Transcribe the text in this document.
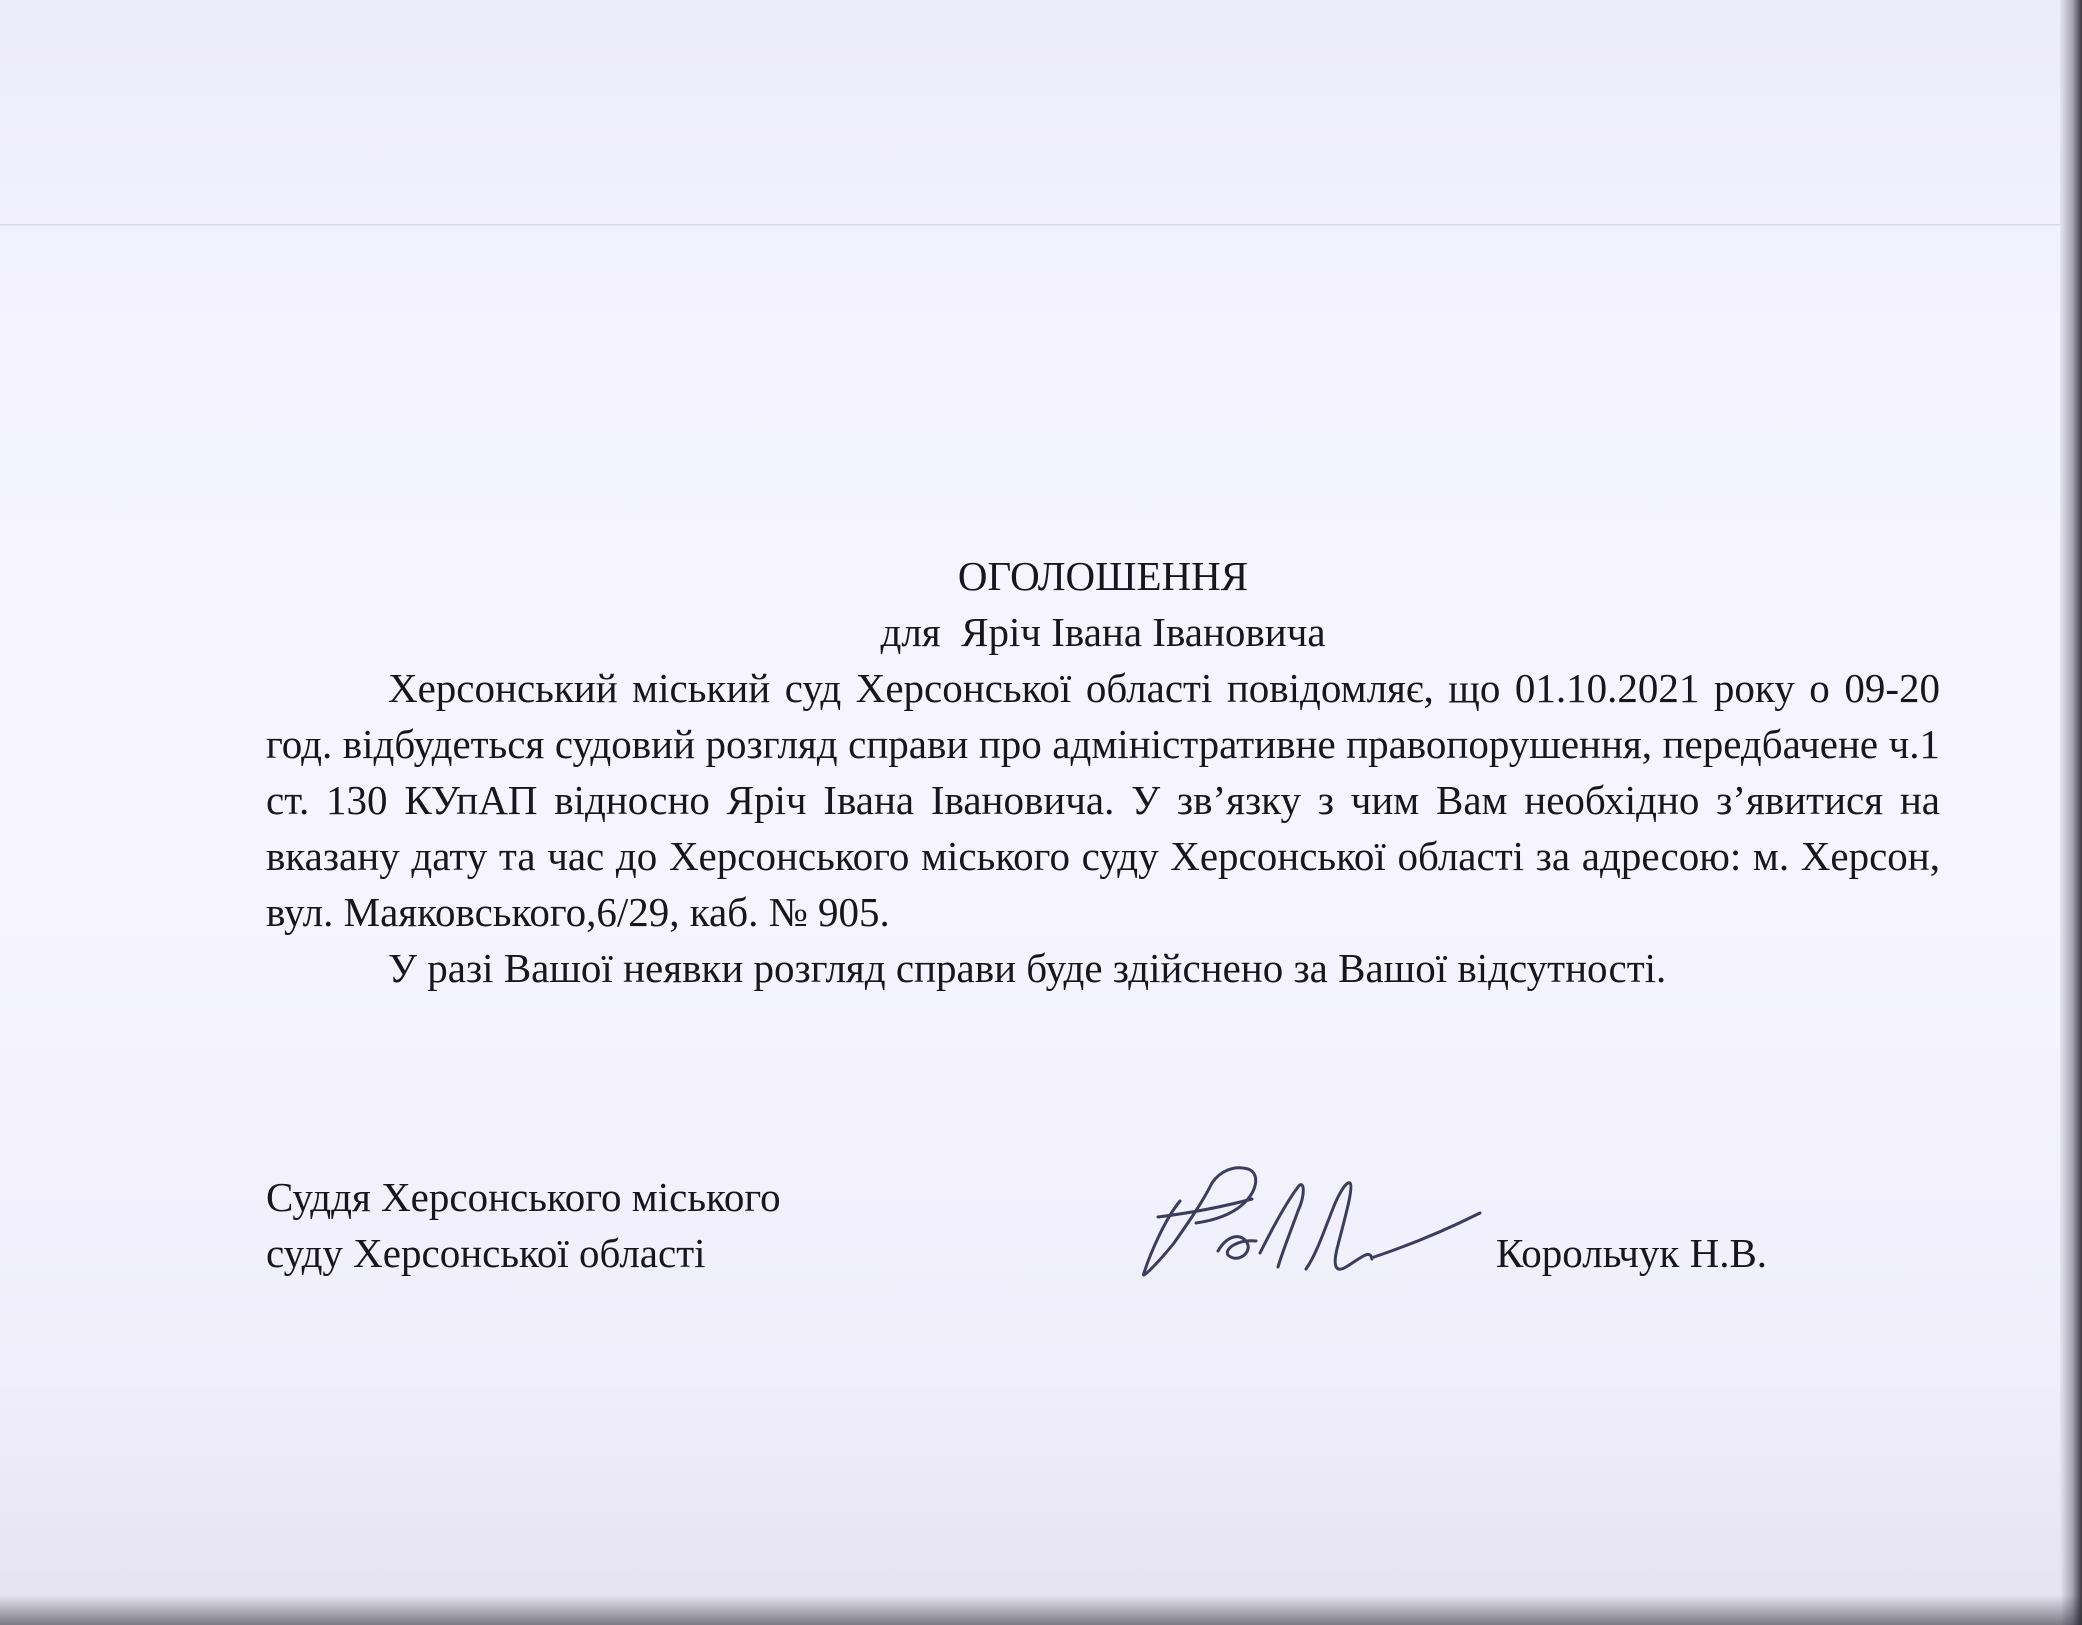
ОГОЛОШЕННЯ

для  Яріч Івана Івановича

Херсонський міський суд Херсонської області повідомляє, що 01.10.2021 року о 09-20 год. відбудеться судовий розгляд справи про адміністративне правопорушення, передбачене ч.1 ст. 130 КУпАП відносно Яріч Івана Івановича. У зв’язку з чим Вам необхідно з’явитися на вказану дату та час до Херсонського міського суду Херсонської області за адресою: м. Херсон, вул. Маяковського,6/29, каб. № 905.

У разі Вашої неявки розгляд справи буде здійснено за Вашої відсутності.

Суддя Херсонського міського
суду Херсонської області	Корольчук Н.В.
